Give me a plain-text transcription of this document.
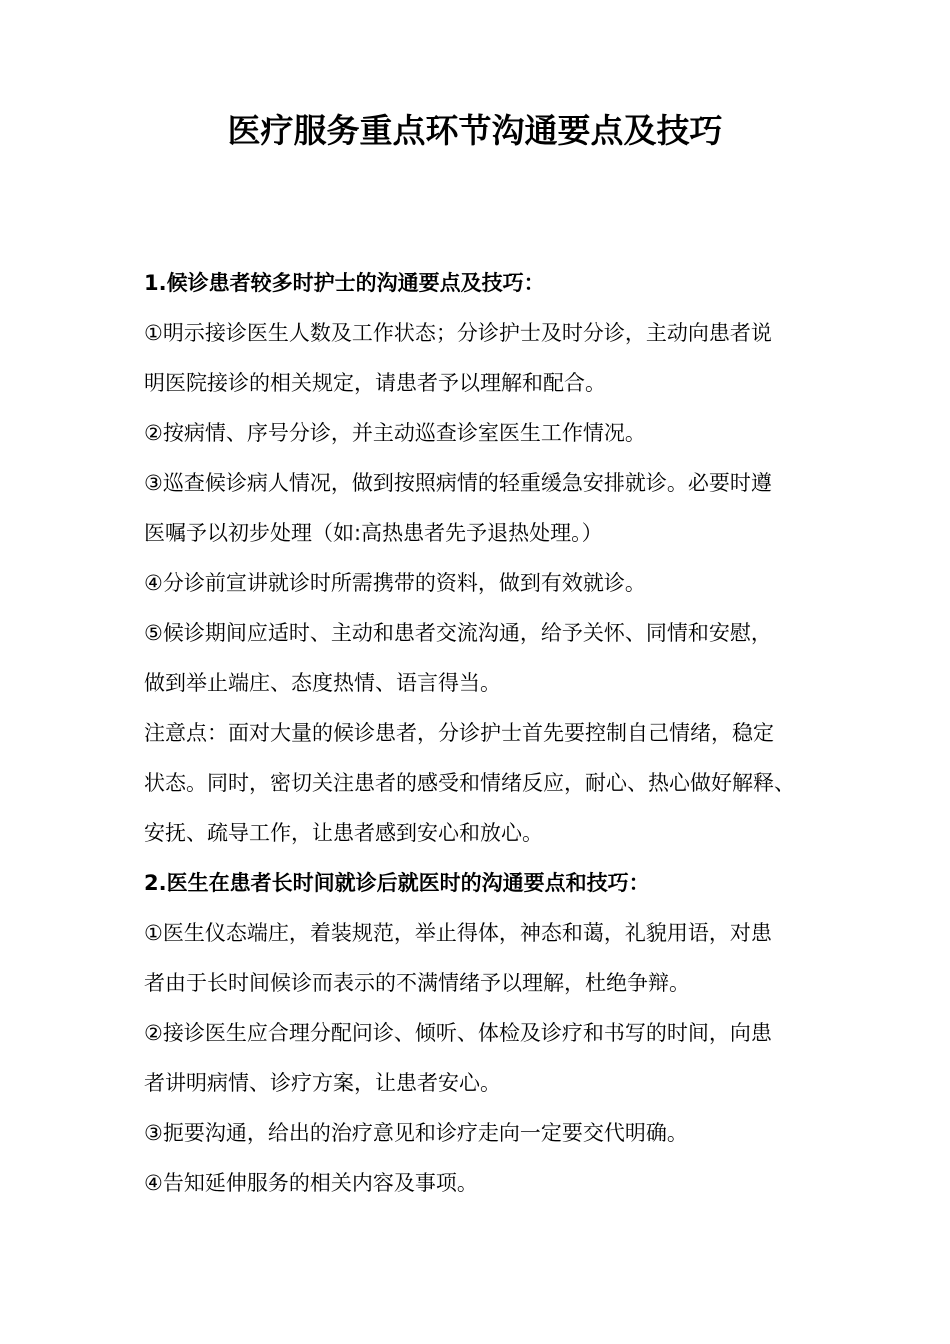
医疗服务重点环节沟通要点及技巧

1.候诊患者较多时护士的沟通要点及技巧：

①明示接诊医生人数及工作状态；分诊护士及时分诊，主动向患者说

明医院接诊的相关规定，请患者予以理解和配合。

②按病情、序号分诊，并主动巡查诊室医生工作情况。

③巡查候诊病人情况，做到按照病情的轻重缓急安排就诊。必要时遵

医嘱予以初步处理（如:高热患者先予退热处理。）

④分诊前宣讲就诊时所需携带的资料，做到有效就诊。

⑤候诊期间应适时、主动和患者交流沟通，给予关怀、同情和安慰，

做到举止端庄、态度热情、语言得当。

注意点：面对大量的候诊患者，分诊护士首先要控制自己情绪，稳定

状态。同时，密切关注患者的感受和情绪反应，耐心、热心做好解释、

安抚、疏导工作，让患者感到安心和放心。

2.医生在患者长时间就诊后就医时的沟通要点和技巧：

①医生仪态端庄，着装规范，举止得体，神态和蔼，礼貌用语，对患

者由于长时间候诊而表示的不满情绪予以理解，杜绝争辩。

②接诊医生应合理分配问诊、倾听、体检及诊疗和书写的时间，向患

者讲明病情、诊疗方案，让患者安心。

③扼要沟通，给出的治疗意见和诊疗走向一定要交代明确。

④告知延伸服务的相关内容及事项。
